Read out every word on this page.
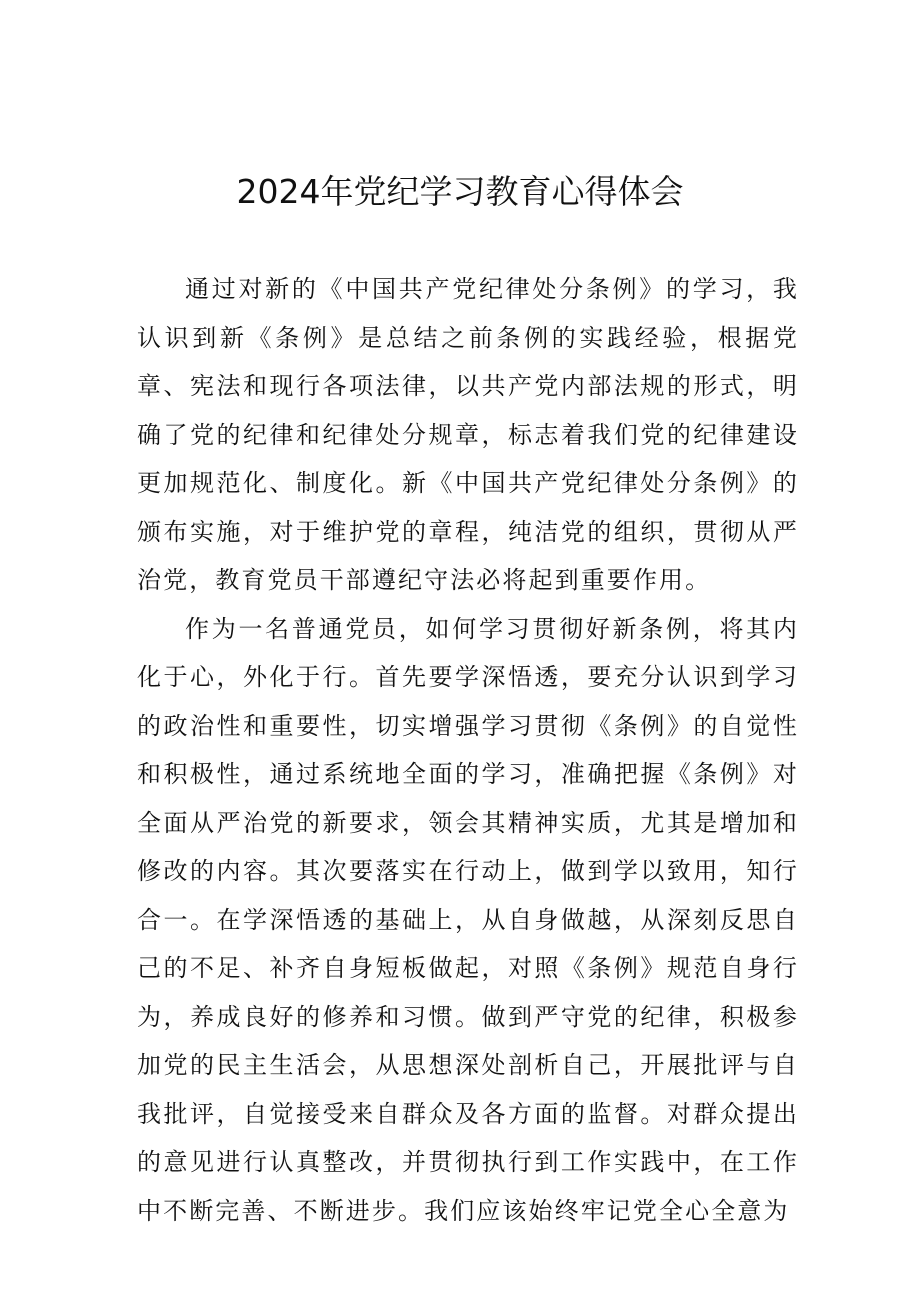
2024年党纪学习教育心得体会

通过对新的《中国共产党纪律处分条例》的学习，我认识到新《条例》是总结之前条例的实践经验，根据党章、宪法和现行各项法律，以共产党内部法规的形式，明确了党的纪律和纪律处分规章，标志着我们党的纪律建设更加规范化、制度化。新《中国共产党纪律处分条例》的颁布实施，对于维护党的章程，纯洁党的组织，贯彻从严治党，教育党员干部遵纪守法必将起到重要作用。

作为一名普通党员，如何学习贯彻好新条例，将其内化于心，外化于行。首先要学深悟透，要充分认识到学习的政治性和重要性，切实增强学习贯彻《条例》的自觉性和积极性，通过系统地全面的学习，准确把握《条例》对全面从严治党的新要求，领会其精神实质，尤其是增加和修改的内容。其次要落实在行动上，做到学以致用，知行合一。在学深悟透的基础上，从自身做越，从深刻反思自己的不足、补齐自身短板做起，对照《条例》规范自身行为，养成良好的修养和习惯。做到严守党的纪律，积极参加党的民主生活会，从思想深处剖析自己，开展批评与自我批评，自觉接受来自群众及各方面的监督。对群众提出的意见进行认真整改，并贯彻执行到工作实践中，在工作中不断完善、不断进步。我们应该始终牢记党全心全意为
